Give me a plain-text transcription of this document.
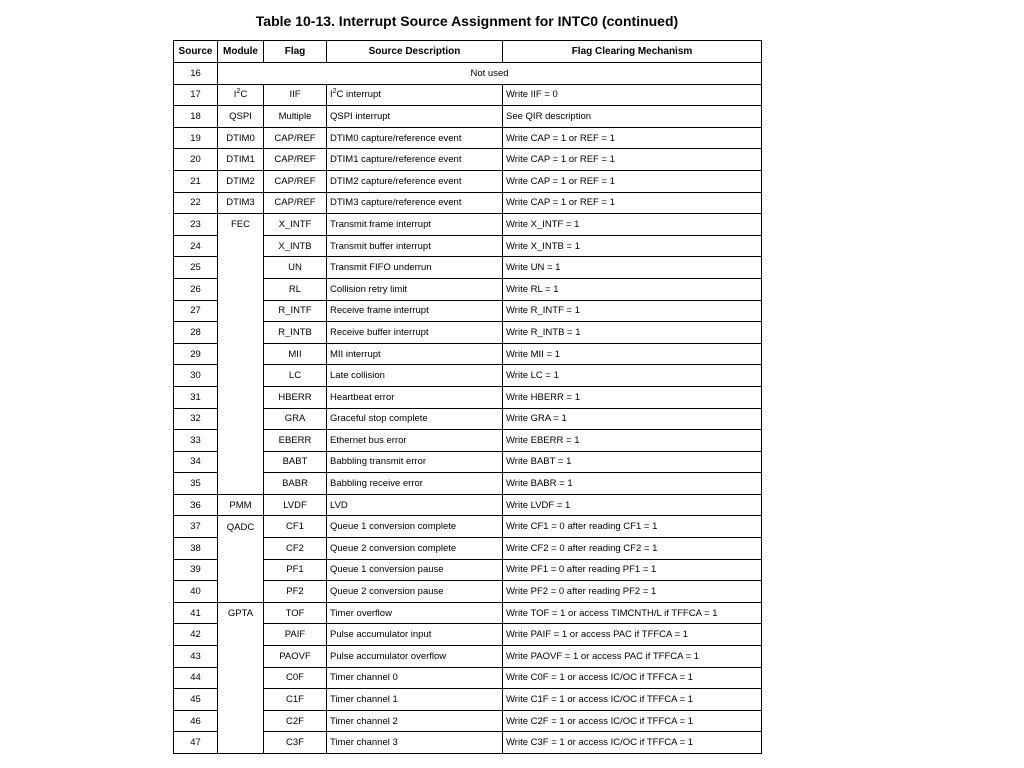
Table 10-13. Interrupt Source Assignment for INTC0 (continued)
Source	Module	Flag	Source Description	Flag Clearing Mechanism
16	Not used			
17	$I^2C$	IIF	$I^2C$ interrupt	Write IIF = 0
18	QSPI	Multiple	QSPI interrupt	See QIR description
19	DTIM0	CAP/REF	DTIM0 capture/reference event	Write CAP = 1 or REF = 1
20	DTIM1	CAP/REF	DTIM1 capture/reference event	Write CAP = 1 or REF = 1
21	DTIM2	CAP/REF	DTIM2 capture/reference event	Write CAP = 1 or REF = 1
22	DTIM3	CAP/REF	DTIM3 capture/reference event	Write CAP = 1 or REF = 1
23	FEC	X_INTF	Transmit frame interrupt	Write X_INTF = 1
24		X_INTB	Transmit buffer interrupt	Write X_INTB = 1
25		UN	Transmit FIFO underrun	Write UN = 1
26		RL	Collision retry limit	Write RL = 1
27		R_INTF	Receive frame interrupt	Write R_INTF = 1
28		R_INTB	Receive buffer interrupt	Write R_INTB = 1
29		MII	MII interrupt	Write MII = 1
30		LC	Late collision	Write LC = 1
31		HBERR	Heartbeat error	Write HBERR = 1
32		GRA	Graceful stop complete	Write GRA = 1
33		EBERR	Ethernet bus error	Write EBERR = 1
34		BABT	Babbling transmit error	Write BABT = 1
35		BABR	Babbling receive error	Write BABR = 1
36	PMM	LVDF	LVD	Write LVDF = 1
37	QADC	CF1	Queue 1 conversion complete	Write CF1 = 0 after reading CF1 = 1
38		CF2	Queue 2 conversion complete	Write CF2 = 0 after reading CF2 = 1
39		PF1	Queue 1 conversion pause	Write PF1 = 0 after reading PF1 = 1
40		PF2	Queue 2 conversion pause	Write PF2 = 0 after reading PF2 = 1
41	GPTA	TOF	Timer overflow	Write TOF = 1 or access TIMCNTH/L if TFFCA = 1
42		PAIF	Pulse accumulator input	Write PAIF = 1 or access PAC if TFFCA = 1
43		PAOVF	Pulse accumulator overflow	Write PAOVF = 1 or access PAC if TFFCA = 1
44		C0F	Timer channel 0	Write C0F = 1 or access IC/OC if TFFCA = 1
45		C1F	Timer channel 1	Write C1F = 1 or access IC/OC if TFFCA = 1
46		C2F	Timer channel 2	Write C2F = 1 or access IC/OC if TFFCA = 1
47		C3F	Timer channel 3	Write C3F = 1 or access IC/OC if TFFCA = 1
